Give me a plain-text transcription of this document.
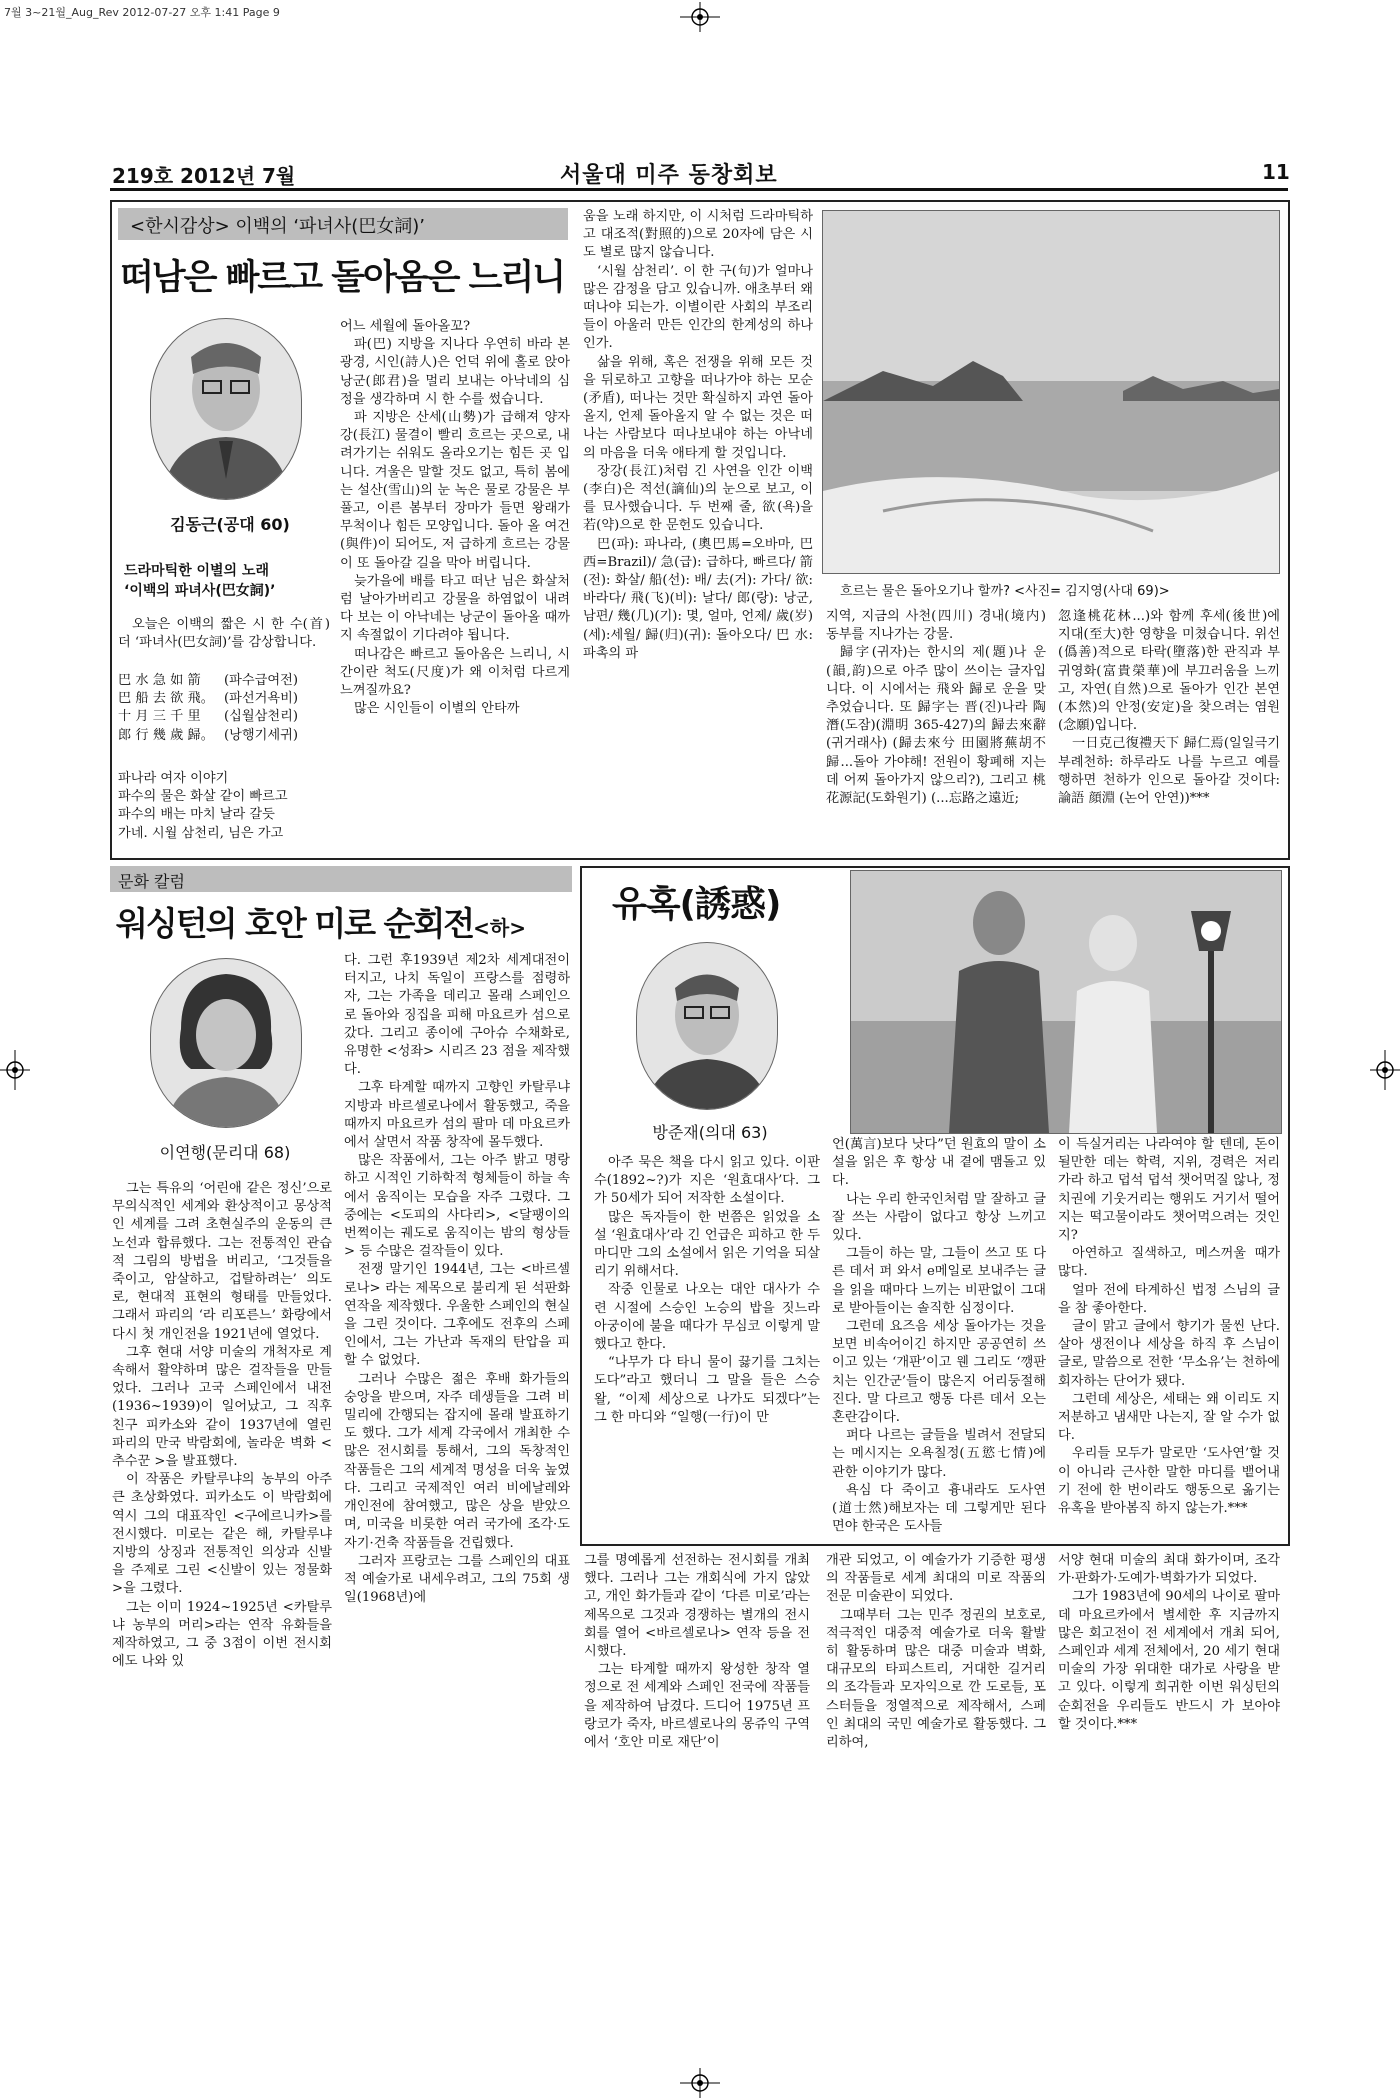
7월 3~21월_Aug_Rev 2012-07-27 오후 1:41 Page 9
219호 2012년 7월	서울대 미주 동창회보	11
<한시감상> 이백의 ‘파녀사(巴女詞)’
떠남은 빠르고 돌아옴은 느리니
김동근(공대 60)
드라마틱한 이별의 노래
‘이백의 파녀사(巴女詞)’

오늘은 이백의 짧은 시 한 수(首) 더 ‘파녀사(巴女詞)’를 감상합니다.

巴 水 急 如 箭 (파수급여전)
巴 船 去 欲 飛。 (파선거욕비)
十 月 三 千 里 (십월삼천리)
郎 行 幾 歲 歸。 (낭행기세귀)
파나라 여자 이야기
파수의 물은 화살 같이 빠르고
파수의 배는 마치 날라 갈듯
가네. 시월 삼천리, 님은 가고

어느 세월에 돌아올꼬?

파(巴) 지방을 지나다 우연히 바라 본 광경, 시인(詩人)은 언덕 위에 홀로 앉아 낭군(郎君)을 멀리 보내는 아낙네의 심정을 생각하며 시 한 수를 썼습니다.

파 지방은 산세(山勢)가 급해져 양자강(長江) 물결이 빨리 흐르는 곳으로, 내려가기는 쉬워도 올라오기는 힘든 곳 입니다. 겨울은 말할 것도 없고, 특히 봄에는 설산(雪山)의 눈 녹은 물로 강물은 부풀고, 이른 봄부터 장마가 들면 왕래가 무척이나 힘든 모양입니다. 돌아 올 여건(與件)이 되어도, 저 급하게 흐르는 강물이 또 돌아갈 길을 막아 버립니다.

늦가을에 배를 타고 떠난 님은 화살처럼 날아가버리고 강물을 하염없이 내려다 보는 이 아낙네는 낭군이 돌아올 때까지 속절없이 기다려야 됩니다.

떠나감은 빠르고 돌아옴은 느리니, 시간이란 척도(尺度)가 왜 이처럼 다르게 느껴질까요?

많은 시인들이 이별의 안타까

움을 노래 하지만, 이 시처럼 드라마틱하고 대조적(對照的)으로 20자에 담은 시도 별로 많지 않습니다.

‘시월 삼천리’. 이 한 구(句)가 얼마나 많은 감정을 담고 있습니까. 애초부터 왜 떠나야 되는가. 이별이란 사회의 부조리들이 아울러 만든 인간의 한계성의 하나인가.

삶을 위해, 혹은 전쟁을 위해 모든 것을 뒤로하고 고향을 떠나가야 하는 모순(矛盾), 떠나는 것만 확실하지 과연 돌아올지, 언제 돌아올지 알 수 없는 것은 떠나는 사람보다 떠나보내야 하는 아낙네의 마음을 더욱 애타게 할 것입니다.

장강(長江)처럼 긴 사연을 인간 이백(李白)은 적선(謫仙)의 눈으로 보고, 이를 묘사했습니다. 두 번째 줄, 欲(욕)을 若(약)으로 한 문헌도 있습니다.

巴(파): 파나라, (奧巴馬=오바마, 巴西=Brazil)/ 急(급): 급하다, 빠르다/ 箭(전): 화살/ 船(선): 배/ 去(거): 가다/ 欲: 바라다/ 飛(飞)(비): 날다/ 郎(랑): 낭군, 남편/ 幾(几)(기): 몇, 얼마, 언제/ 歲(岁)(세):세월/ 歸(归)(귀): 돌아오다/ 巴 水: 파촉의 파

흐르는 물은 돌아오기나 할까? <사진= 김지영(사대 69)>

지역, 지금의 사천(四川) 경내(境内) 동부를 지나가는 강물.

歸字(귀자)는 한시의 제(題)나 운(韻,韵)으로 아주 많이 쓰이는 글자입니다. 이 시에서는 飛와 歸로 운을 맞추었습니다. 또 歸字는 晋(진)나라 陶潛(도잠)(淵明 365-427)의 歸去來辭(귀거래사) (歸去來兮 田園將蕪胡不歸...돌아 가야해! 전원이 황폐해 지는데 어찌 돌아가지 않으리?), 그리고 桃花源記(도화원기) (...忘路之遠近;

忽逢桃花林...)와 함께 후세(後世)에 지대(至大)한 영향을 미쳤습니다. 위선(僞善)적으로 타락(墮落)한 관직과 부귀영화(富貴榮華)에 부끄러움을 느끼고, 자연(自然)으로 돌아가 인간 본연(本然)의 안정(安定)을 찾으려는 염원(念願)입니다.

一日克己復禮天下 歸仁焉(일일극기부례천하: 하루라도 나를 누르고 예를 행하면 천하가 인으로 돌아갈 것이다: 論語 顔淵 (논어 안연))***

문화 칼럼
워싱턴의 호안 미로 순회전<하>
이연행(문리대 68)

그는 특유의 ‘어린애 같은 정신’으로 무의식적인 세계와 환상적이고 몽상적인 세계를 그려 초현실주의 운동의 큰 노선과 합류했다. 그는 전통적인 관습적 그림의 방법을 버리고, ‘그것들을 죽이고, 암살하고, 겁탈하려는’ 의도로, 현대적 표현의 형태를 만들었다. 그래서 파리의 ‘라 리포른느’ 화랑에서 다시 첫 개인전을 1921년에 열었다.

그후 현대 서양 미술의 개척자로 계속해서 활약하며 많은 걸작들을 만들었다. 그러나 고국 스페인에서 내전(1936~1939)이 일어났고, 그 직후 친구 피카소와 같이 1937년에 열린 파리의 만국 박람회에, 놀라운 벽화 <추수꾼 >을 발표했다.

이 작품은 카탈루냐의 농부의 아주 큰 초상화였다. 피카소도 이 박람회에 역시 그의 대표작인 <구에르니카>를 전시했다. 미로는 같은 해, 카탈루냐 지방의 상징과 전통적인 의상과 신발을 주제로 그린 <신발이 있는 정물화>을 그렸다.

그는 이미 1924~1925년 <카탈루냐 농부의 머리>라는 연작 유화들을 제작하였고, 그 중 3점이 이번 전시회에도 나와 있

다. 그런 후1939년 제2차 세계대전이 터지고, 나치 독일이 프랑스를 점령하자, 그는 가족을 데리고 몰래 스페인으로 돌아와 징집을 피해 마요르카 섬으로 갔다. 그리고 종이에 구아슈 수채화로, 유명한 <성좌> 시리즈 23 점을 제작했다.

그후 타계할 때까지 고향인 카탈루냐 지방과 바르셀로나에서 활동했고, 죽을 때까지 마요르카 섬의 팔마 데 마요르카에서 살면서 작품 창작에 몰두했다.

많은 작품에서, 그는 아주 밝고 명랑하고 시적인 기하학적 형체들이 하늘 속에서 움직이는 모습을 자주 그렸다. 그 중에는 <도피의 사다리>, <달팽이의 번쩍이는 궤도로 움직이는 밤의 형상들> 등 수많은 걸작들이 있다.

전쟁 말기인 1944년, 그는 <바르셀로나> 라는 제목으로 불리게 된 석판화 연작을 제작했다. 우울한 스페인의 현실을 그린 것이다. 그후에도 전후의 스페인에서, 그는 가난과 독재의 탄압을 피할 수 없었다.

그러나 수많은 젊은 후배 화가들의 숭앙을 받으며, 자주 데생들을 그려 비밀리에 간행되는 잡지에 몰래 발표하기도 했다. 그가 세계 각국에서 개최한 수많은 전시회를 통해서, 그의 독창적인 작품들은 그의 세계적 명성을 더욱 높였다. 그리고 국제적인 여러 비에날레와 개인전에 참여했고, 많은 상을 받았으며, 미국을 비롯한 여러 국가에 조각·도자기·건축 작품들을 건립했다.

그러자 프랑코는 그를 스페인의 대표적 예술가로 내세우려고, 그의 75회 생일(1968년)에

유혹(誘惑)
방준재(의대 63)

아주 묵은 책을 다시 읽고 있다. 이판수(1892~?)가 지은 ‘원효대사’다. 그가 50세가 되어 저작한 소설이다.

많은 독자들이 한 번쯤은 읽었을 소설 ‘원효대사’라 긴 언급은 피하고 한 두 마디만 그의 소설에서 읽은 기억을 되살리기 위해서다.

작중 인물로 나오는 대안 대사가 수련 시절에 스승인 노승의 밥을 짓느라 아궁이에 불을 때다가 무심코 이렇게 말했다고 한다.

“나무가 다 타니 물이 끓기를 그치는 도다”라고 했더니 그 말을 들은 스승 왈, “이제 세상으로 나가도 되겠다”는 그 한 마디와 “일행(一行)이 만

언(萬言)보다 낫다”던 원효의 말이 소설을 읽은 후 항상 내 곁에 맴돌고 있다.

나는 우리 한국인처럼 말 잘하고 글 잘 쓰는 사람이 없다고 항상 느끼고 있다.

그들이 하는 말, 그들이 쓰고 또 다른 데서 퍼 와서 e메일로 보내주는 글을 읽을 때마다 느끼는 비판없이 그대로 받아들이는 솔직한 심정이다.

그런데 요즈음 세상 돌아가는 것을 보면 비속어이긴 하지만 공공연히 쓰이고 있는 ‘개판’이고 웬 그리도 ‘깽판치는 인간군’들이 많은지 어리둥절해진다. 말 다르고 행동 다른 데서 오는 혼란감이다.

퍼다 나르는 글들을 빌려서 전달되는 메시지는 오욕칠정(五慾七情)에 관한 이야기가 많다.

욕심 다 죽이고 흉내라도 도사연(道士然)해보자는 데 그렇게만 된다면야 한국은 도사들

이 득실거리는 나라여야 할 텐데, 돈이 될만한 데는 학력, 지위, 경력은 저리 가라 하고 덥석 덥석 챗어먹질 않나, 정치권에 기웃거리는 행위도 거기서 떨어지는 떡고물이라도 챗어먹으려는 것인지?

아연하고 질색하고, 메스꺼울 때가 많다.

얼마 전에 타계하신 법정 스님의 글을 참 좋아한다.

글이 맑고 글에서 향기가 물씬 난다. 살아 생전이나 세상을 하직 후 스님이 글로, 말씀으로 전한 ‘무소유’는 천하에 회자하는 단어가 됐다.

그런데 세상은, 세태는 왜 이리도 지저분하고 냄새만 나는지, 잘 알 수가 없다.

우리들 모두가 말로만 ‘도사연’할 것이 아니라 근사한 말한 마디를 뱉어내기 전에 한 번이라도 행동으로 옮기는 유혹을 받아봄직 하지 않는가.***

그를 명예롭게 선전하는 전시회를 개최했다. 그러나 그는 개회식에 가지 않았고, 개인 화가들과 같이 ‘다른 미로’라는 제목으로 그것과 경쟁하는 별개의 전시회를 열어 <바르셀로나> 연작 등을 전시했다.

그는 타계할 때까지 왕성한 창작 열정으로 전 세계와 스페인 전국에 작품들을 제작하여 남겼다. 드디어 1975년 프랑코가 죽자, 바르셀로나의 몽쥬익 구역에서 ‘호안 미로 재단’이

개관 되었고, 이 예술가가 기증한 평생의 작품들로 세계 최대의 미로 작품의 전문 미술관이 되었다.

그때부터 그는 민주 정권의 보호로, 적극적인 대중적 예술가로 더욱 활발히 활동하며 많은 대중 미술과 벽화, 대규모의 타피스트리, 거대한 길거리의 조각들과 모자익으로 깐 도로들, 포스터들을 정열적으로 제작해서, 스페인 최대의 국민 예술가로 활동했다. 그리하여,

서양 현대 미술의 최대 화가이며, 조각가·판화가·도예가·벽화가가 되었다.

그가 1983년에 90세의 나이로 팔마 데 마요르카에서 별세한 후 지금까지 많은 회고전이 전 세계에서 개최 되어, 스페인과 세계 전체에서, 20 세기 현대 미술의 가장 위대한 대가로 사랑을 받고 있다. 이렇게 희귀한 이번 워싱턴의 순회전을 우리들도 반드시 가 보아야 할 것이다.***
